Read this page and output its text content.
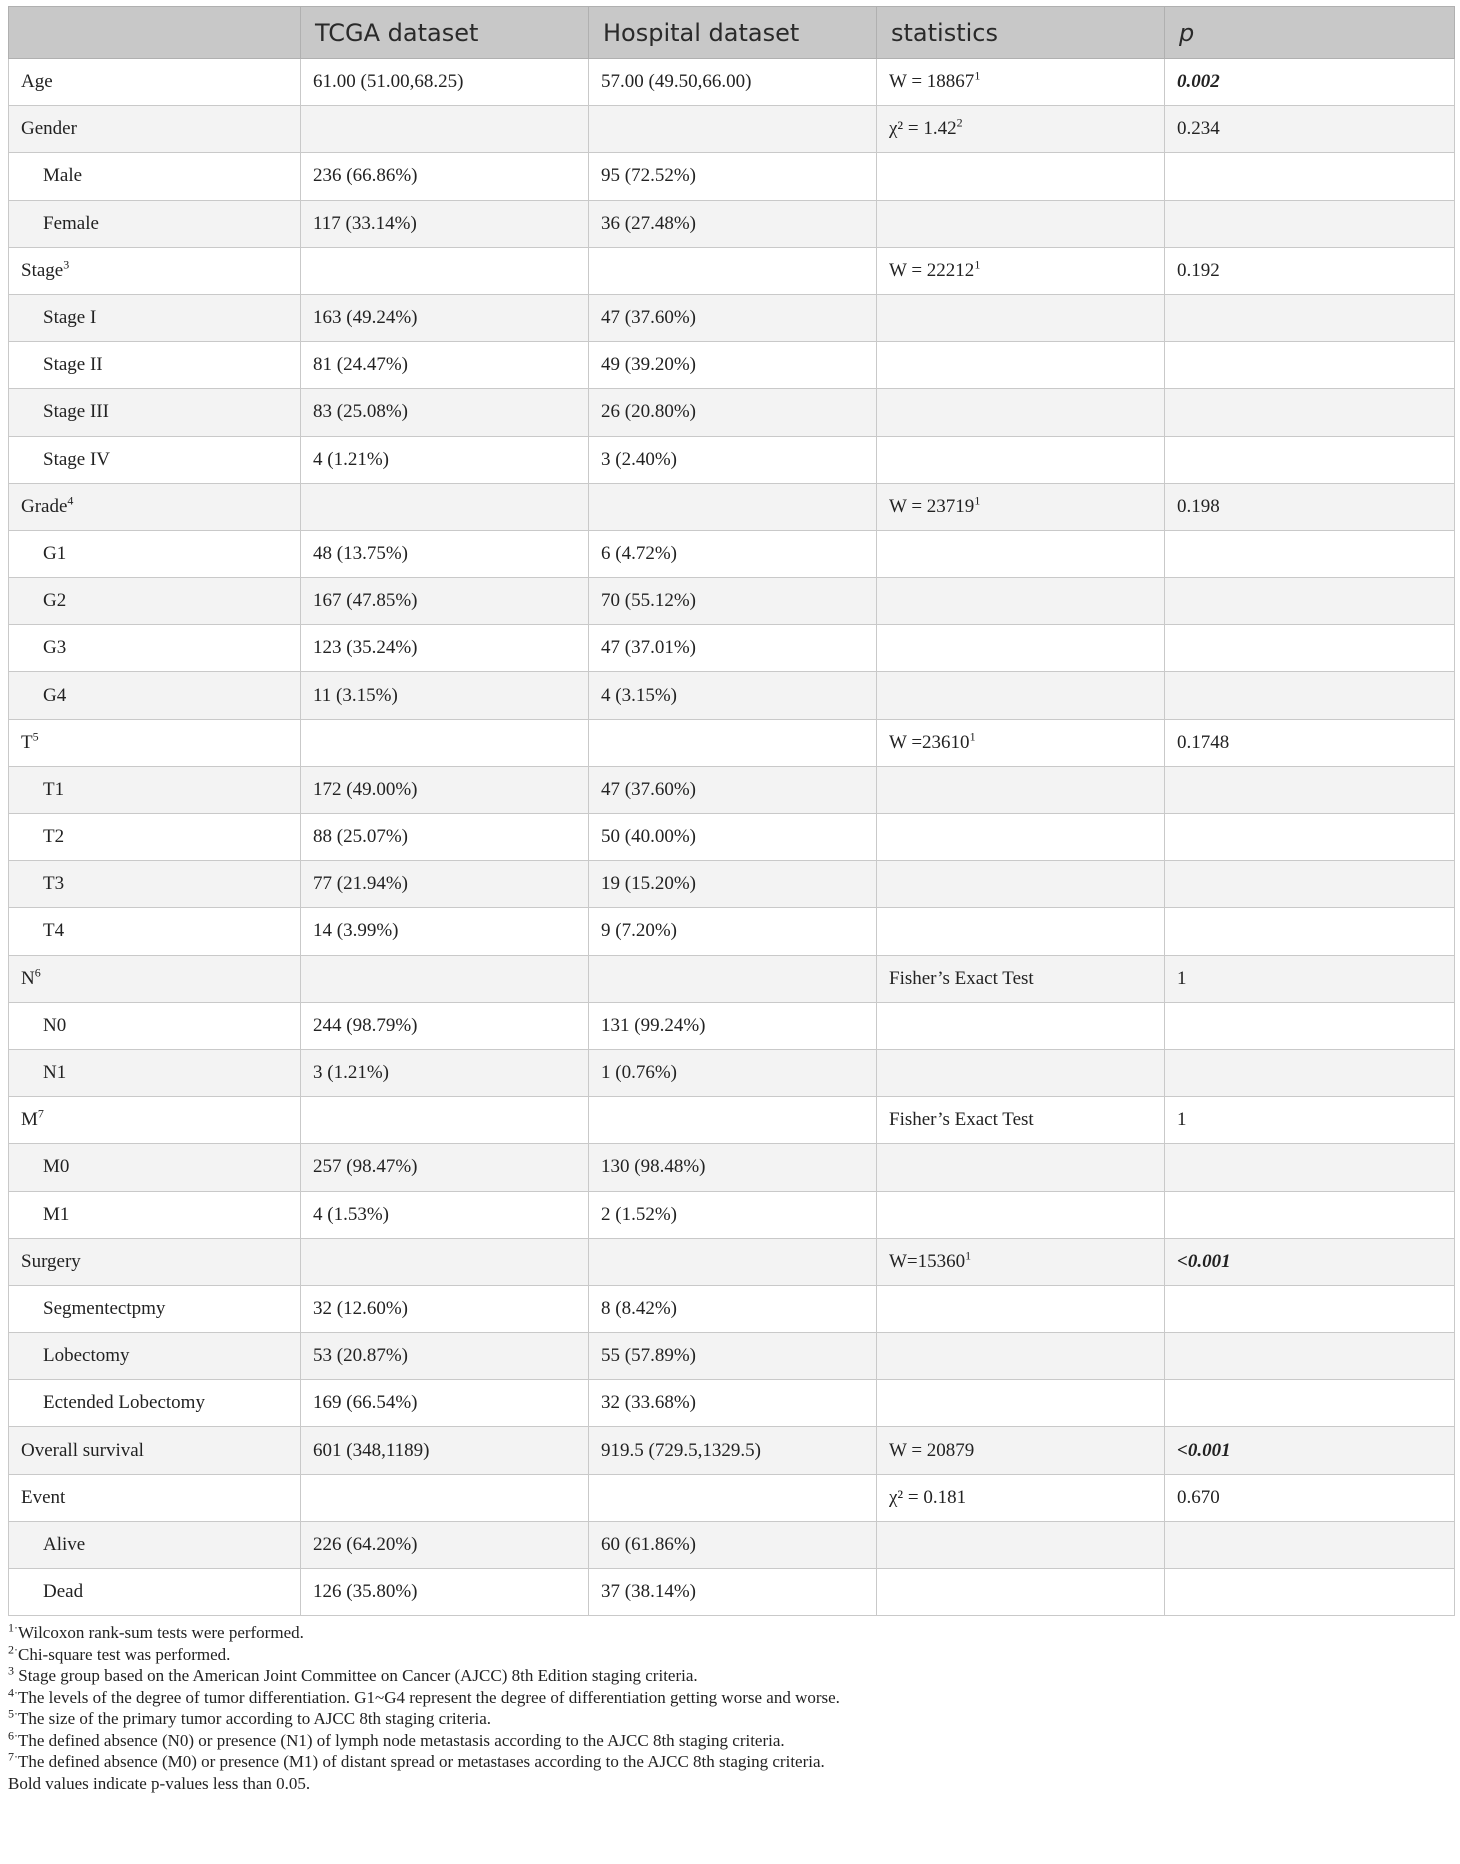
	TCGA dataset	Hospital dataset	statistics	p
Age	61.00 (51.00,68.25)	57.00 (49.50,66.00)	$W = 18867^1$	0.002
Gender			$\chi^2 = 1.42^2$	0.234
Male	236 (66.86%)	95 (72.52%)		
Female	117 (33.14%)	36 (27.48%)		
Stage$^3$			$W = 22212^1$	0.192
Stage I	163 (49.24%)	47 (37.60%)		
Stage II	81 (24.47%)	49 (39.20%)		
Stage III	83 (25.08%)	26 (20.80%)		
Stage IV	4 (1.21%)	3 (2.40%)		
Grade$^4$			$W = 23719^1$	0.198
G1	48 (13.75%)	6 (4.72%)		
G2	167 (47.85%)	70 (55.12%)		
G3	123 (35.24%)	47 (37.01%)		
G4	11 (3.15%)	4 (3.15%)		
$T^5$			$W =23610^1$	0.1748
T1	172 (49.00%)	47 (37.60%)		
T2	88 (25.07%)	50 (40.00%)		
T3	77 (21.94%)	19 (15.20%)		
T4	14 (3.99%)	9 (7.20%)		
$N^6$			Fisher’s Exact Test	1
N0	244 (98.79%)	131 (99.24%)		
N1	3 (1.21%)	1 (0.76%)		
$M^7$			Fisher’s Exact Test	1
M0	257 (98.47%)	130 (98.48%)		
M1	4 (1.53%)	2 (1.52%)		
Surgery			$W=15360^1$	<0.001
Segmentectpmy	32 (12.60%)	8 (8.42%)		
Lobectomy	53 (20.87%)	55 (57.89%)		
Ectended Lobectomy	169 (66.54%)	32 (33.68%)		
Overall survival	601 (348,1189)	919.5 (729.5,1329.5)	W = 20879	<0.001
Event			χ² = 0.181	0.670
Alive	226 (64.20%)	60 (61.86%)		
Dead	126 (35.80%)	37 (38.14%)		
$^{1\cdot}$Wilcoxon rank-sum tests were performed.
$^{2\cdot}$Chi-square test was performed.
$^3$ Stage group based on the American Joint Committee on Cancer (AJCC) 8th Edition staging criteria.
$^{4\cdot}$The levels of the degree of tumor differentiation. G1~G4 represent the degree of differentiation getting worse and worse.
$^{5\cdot}$The size of the primary tumor according to AJCC 8th staging criteria.
$^{6\cdot}$The defined absence (N0) or presence (N1) of lymph node metastasis according to the AJCC 8th staging criteria.
$^{7\cdot}$The defined absence (M0) or presence (M1) of distant spread or metastases according to the AJCC 8th staging criteria.
Bold values indicate p-values less than 0.05.
